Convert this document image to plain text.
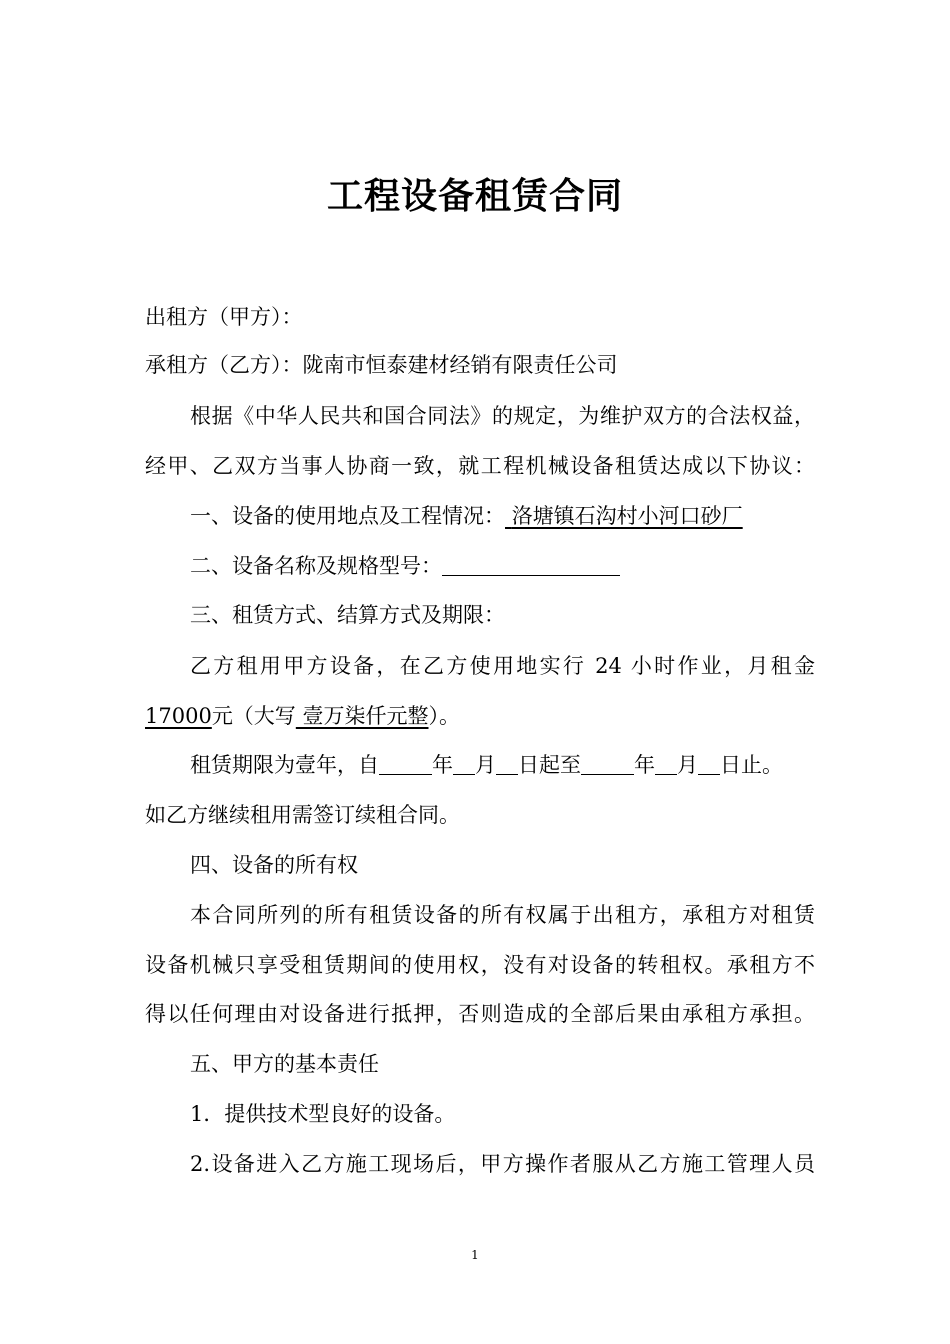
工程设备租赁合同
出租方（甲方）：
承租方（乙方）：陇南市恒泰建材经销有限责任公司
根据《中华人民共和国合同法》的规定，为维护双方的合法权益，
经甲、乙双方当事人协商一致，就工程机械设备租赁达成以下协议：
一、设备的使用地点及工程情况： 洛塘镇石沟村小河口砂厂
二、设备名称及规格型号：
三、租赁方式、结算方式及期限：
乙方租用甲方设备，在乙方使用地实行 24 小时作业，月租金
17000元（大写 壹万柒仟元整）。
租赁期限为壹年，自	年 月 日起至	年 月 日止。
如乙方继续租用需签订续租合同。
四、设备的所有权
本合同所列的所有租赁设备的所有权属于出租方，承租方对租赁
设备机械只享受租赁期间的使用权，没有对设备的转租权。承租方不
得以任何理由对设备进行抵押，否则造成的全部后果由承租方承担。
五、甲方的基本责任
1．提供技术型良好的设备。
2.设备进入乙方施工现场后，甲方操作者服从乙方施工管理人员
1
